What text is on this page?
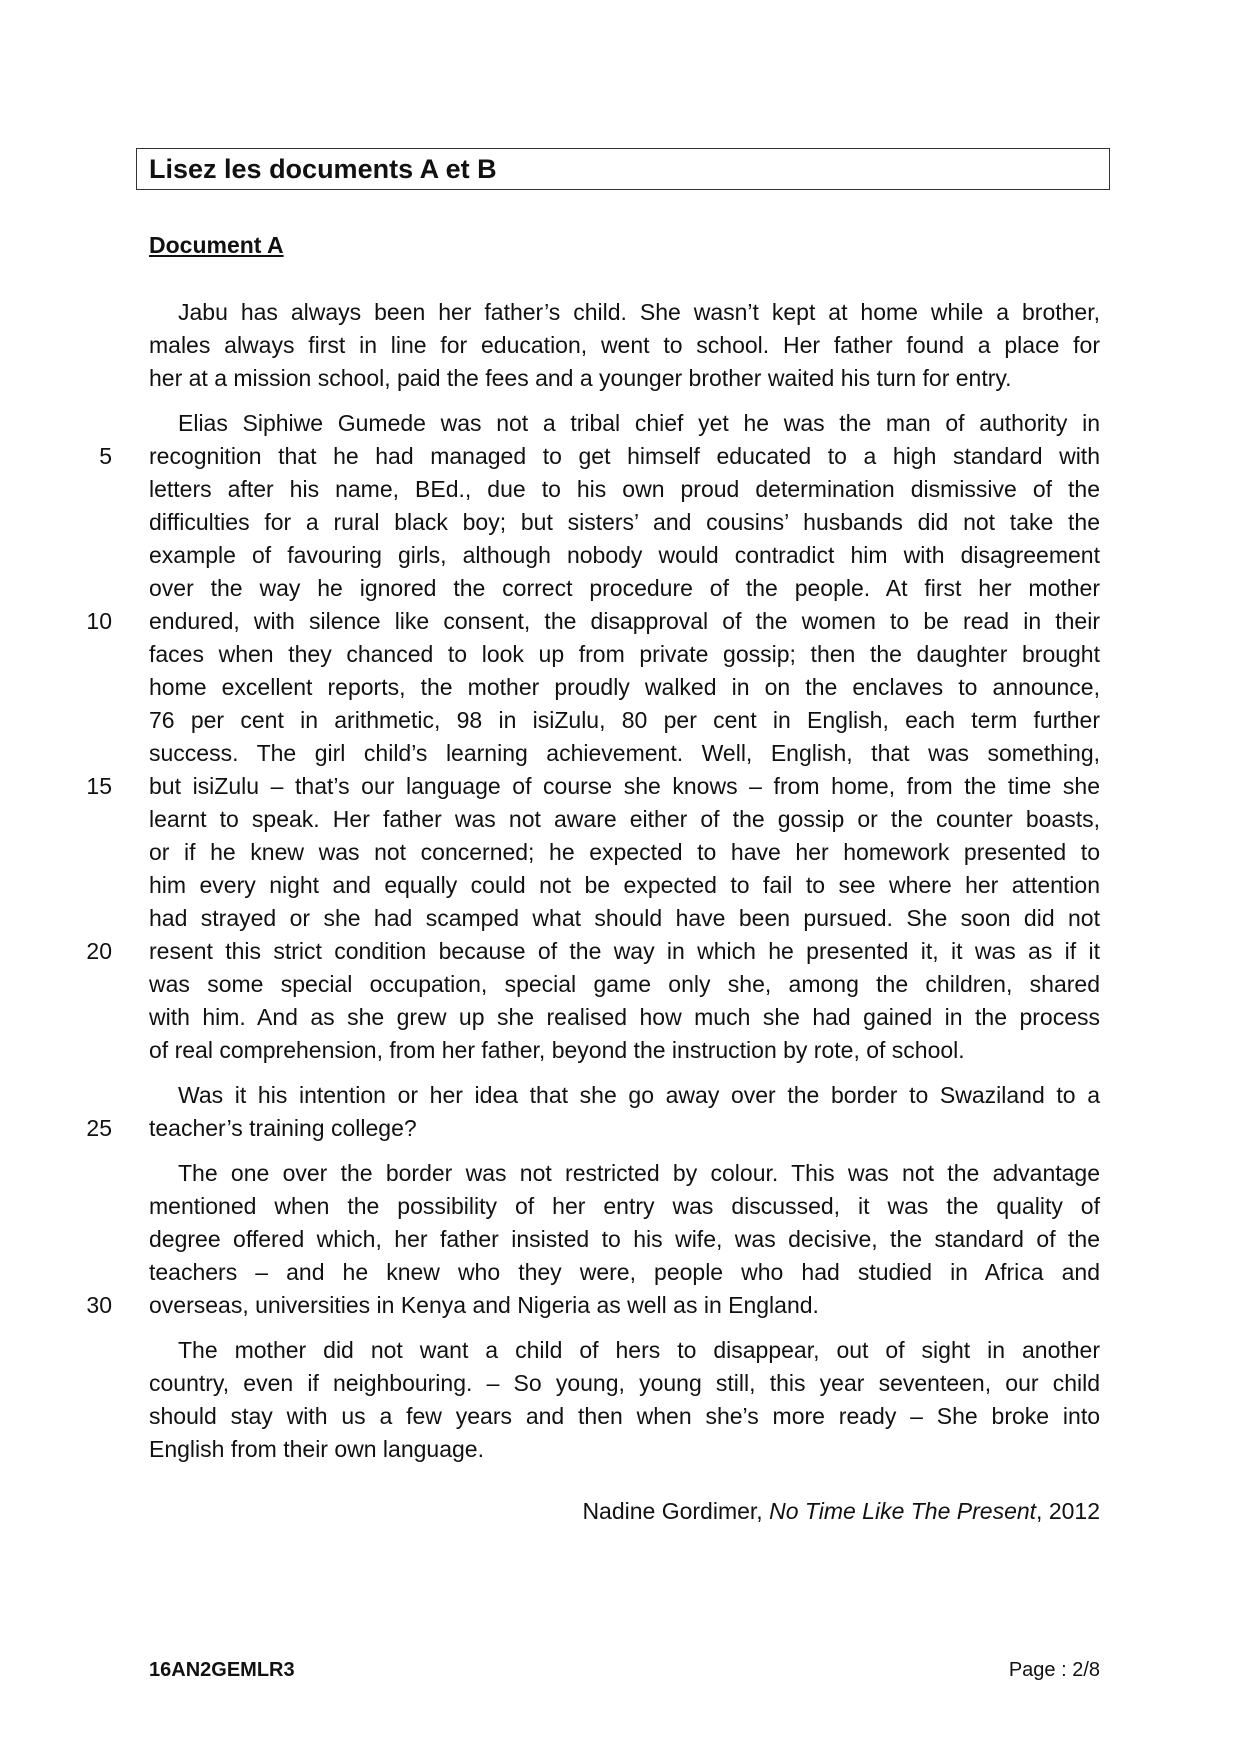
Lisez les documents A et B
Document A
Jabu has always been her father’s child. She wasn’t kept at home while a brother,
males always first in line for education, went to school. Her father found a place for
her at a mission school, paid the fees and a younger brother waited his turn for entry.
Elias Siphiwe Gumede was not a tribal chief yet he was the man of authority in
recognition that he had managed to get himself educated to a high standard with
letters after his name, BEd., due to his own proud determination dismissive of the
difficulties for a rural black boy; but sisters’ and cousins’ husbands did not take the
example of favouring girls, although nobody would contradict him with disagreement
over the way he ignored the correct procedure of the people. At first her mother
endured, with silence like consent, the disapproval of the women to be read in their
faces when they chanced to look up from private gossip; then the daughter brought
home excellent reports, the mother proudly walked in on the enclaves to announce,
76 per cent in arithmetic, 98 in isiZulu, 80 per cent in English, each term further
success. The girl child’s learning achievement. Well, English, that was something,
but isiZulu – that’s our language of course she knows – from home, from the time she
learnt to speak. Her father was not aware either of the gossip or the counter boasts,
or if he knew was not concerned; he expected to have her homework presented to
him every night and equally could not be expected to fail to see where her attention
had strayed or she had scamped what should have been pursued. She soon did not
resent this strict condition because of the way in which he presented it, it was as if it
was some special occupation, special game only she, among the children, shared
with him. And as she grew up she realised how much she had gained in the process
of real comprehension, from her father, beyond the instruction by rote, of school.
Was it his intention or her idea that she go away over the border to Swaziland to a
teacher’s training college?
The one over the border was not restricted by colour. This was not the advantage
mentioned when the possibility of her entry was discussed, it was the quality of
degree offered which, her father insisted to his wife, was decisive, the standard of the
teachers – and he knew who they were, people who had studied in Africa and
overseas, universities in Kenya and Nigeria as well as in England.
The mother did not want a child of hers to disappear, out of sight in another
country, even if neighbouring. – So young, young still, this year seventeen, our child
should stay with us a few years and then when she’s more ready – She broke into
English from their own language.
5
10
15
20
25
30
Nadine Gordimer, No Time Like The Present, 2012
16AN2GEMLR3	Page : 2/8
